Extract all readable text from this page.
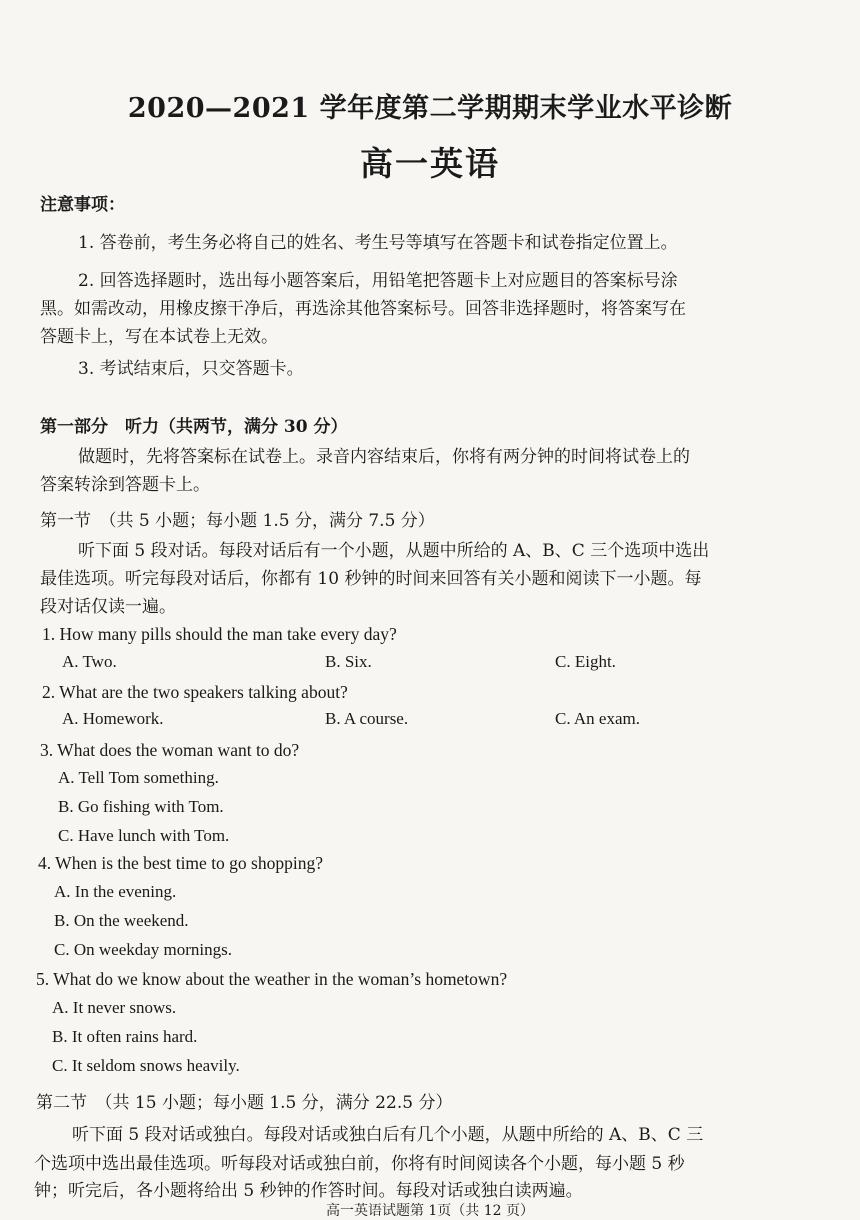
2020—2021 学年度第二学期期末学业水平诊断
高一英语
注意事项：
1. 答卷前，考生务必将自己的姓名、考生号等填写在答题卡和试卷指定位置上。
2. 回答选择题时，选出每小题答案后，用铅笔把答题卡上对应题目的答案标号涂
黑。如需改动，用橡皮擦干净后，再选涂其他答案标号。回答非选择题时，将答案写在
答题卡上，写在本试卷上无效。
3. 考试结束后，只交答题卡。
第一部分　听力（共两节，满分 30 分）
做题时，先将答案标在试卷上。录音内容结束后，你将有两分钟的时间将试卷上的
答案转涂到答题卡上。
第一节　（共 5 小题；每小题 1.5 分，满分 7.5 分）
听下面 5 段对话。每段对话后有一个小题，从题中所给的 A、B、C 三个选项中选出
最佳选项。听完每段对话后，你都有 10 秒钟的时间来回答有关小题和阅读下一小题。每
段对话仅读一遍。
1. How many pills should the man take every day?
A. Two.	B. Six.	C. Eight.
2. What are the two speakers talking about?
A. Homework.	B. A course.	C. An exam.
3. What does the woman want to do?
A. Tell Tom something.
B. Go fishing with Tom.
C. Have lunch with Tom.
4. When is the best time to go shopping?
A. In the evening.
B. On the weekend.
C. On weekday mornings.
5. What do we know about the weather in the woman’s hometown?
A. It never snows.
B. It often rains hard.
C. It seldom snows heavily.
第二节　（共 15 小题；每小题 1.5 分，满分 22.5 分）
听下面 5 段对话或独白。每段对话或独白后有几个小题，从题中所给的 A、B、C 三
个选项中选出最佳选项。听每段对话或独白前，你将有时间阅读各个小题，每小题 5 秒
钟；听完后，各小题将给出 5 秒钟的作答时间。每段对话或独白读两遍。
高一英语试题第 1页（共 12 页）
